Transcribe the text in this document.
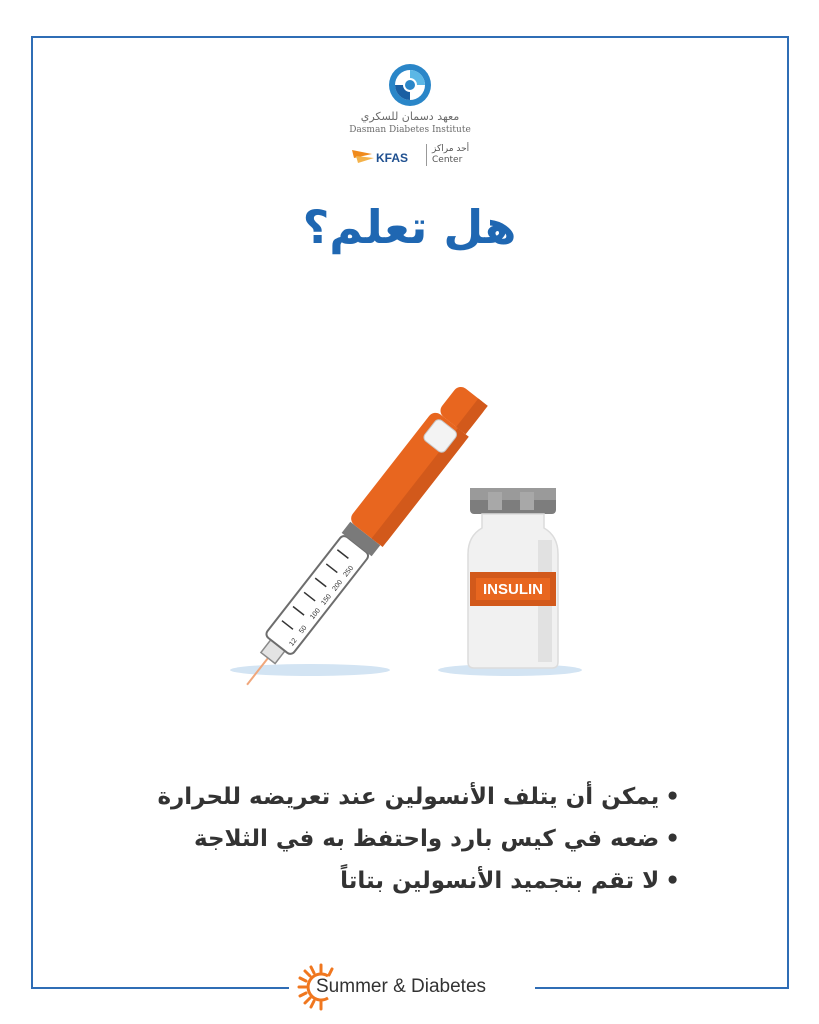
معهد دسمان للسكري
Dasman Diabetes Institute
KFAS
أحد مراكز
Center
هل تعلم؟
INSULIN
12
50
100
150
200
250
•يمكن أن يتلف الأنسولين عند تعريضه للحرارة
•ضعه في كيس بارد واحتفظ به في الثلاجة
•لا تقم بتجميد الأنسولين بتاتاً
Summer & Diabetes
